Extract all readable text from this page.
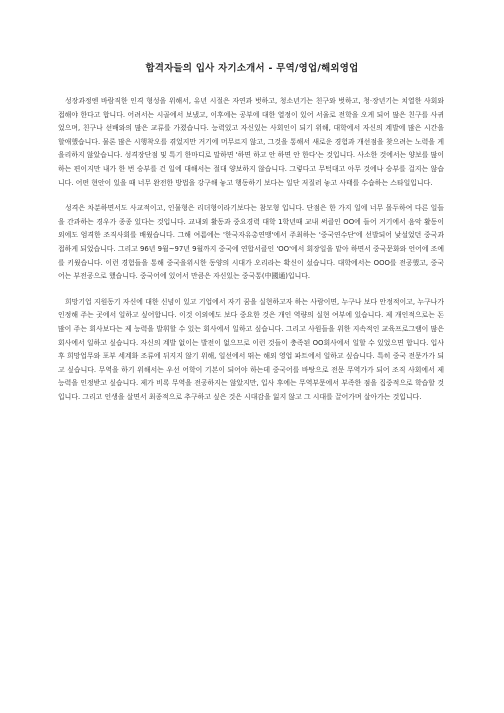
합격자들의 입사 자기소개서 - 무역/영업/해외영업

성장과정엔 바람직한 인격 형성을 위해서, 유년 시절은 자연과 벗하고, 청소년기는 친구와 벗하고, 청·장년기는 치열한 사회와 접해야 한다고 합니다. 어려서는 시골에서 보냈고, 이후에는 공부에 대한 열정이 있어 서울로 전학을 오게 되어 많은 친구를 사귀었으며, 친구나 선배와의 많은 교류를 가졌습니다. 능력있고 자신있는 사회인이 되기 위해, 대학에서 자신의 계발에 많은 시간을 할애했습니다. 물론 많은 시행착오를 겪었지만 거기에 머무르지 않고, 그것을 통해서 새로운 경험과 개선점을 찾으려는 노력을 게을리하지 않았습니다. 성격장단점 및 특기 한마디로 말하면 '하면 하고 안 하면 안 한다'는 것입니다. 사소한 것에서는 양보를 많이 하는 편이지만 내가 한 번 승부를 건 일에 대해서는 절대 양보하지 않습니다. 그렇다고 무턱대고 아무 것에나 승부를 걸지는 않습니다. 어떤 현안이 있을 때 너무 완전한 방법을 강구해 놓고 행동하기 보다는 일단 저질러 놓고 사태를 수습하는 스타일입니다.

성격은 차분하면서도 사교적이고, 인물형은 리더형이라기보다는 참모형 입니다. 단점은 한 가지 일에 너무 몰두하여 다른 일들을 간과하는 경우가 종종 있다는 것입니다. 교내외 활동과 중요경력 대학 1학년때 교내 써클인 OO에 들어 거기에서 음악 활동이외에도 엄격한 조직사회를 배웠습니다. 그해 여름에는 '한국자유총연맹'에서 주최하는 '중국연수단'에 선발되어 낯설었던 중국과 접하게 되었습니다. 그리고 96년 9월~97년 9월까지 중국에 연합서클인 'OO'에서 회장일을 맡아 하면서 중국문화와 언어에 조예를 키웠습니다. 이런 경험들을 통해 중국을위시한 동양의 시대가 오리라는 확신이 섰습니다. 대학에서는 OOO를 전공했고, 중국어는 부전공으로 했습니다. 중국어에 있어서 만큼은 자신있는 중국통(中國通)입니다.

희망기업 지원동기 자신에 대한 신념이 있고 기업에서 자기 꿈을 실현하고자 하는 사람이면, 누구나 보다 안정적이고, 누구나가 인정해 주는 곳에서 일하고 싶어합니다. 이것 이외에도 보다 중요한 것은 개인 역량의 실현 여부에 있습니다. 제 개인적으로는 돈 많이 주는 회사보다는 제 능력을 발휘할 수 있는 회사에서 일하고 싶습니다. 그리고 사원들을 위한 지속적인 교육프로그램이 많은 회사에서 일하고 싶습니다. 자신의 계발 없이는 발전이 없으므로 이런 것들이 충족된 OO회사에서 일할 수 있었으면 합니다. 입사후 희망업무와 포부 세계화 조류에 뒤지지 않기 위해, 일선에서 뛰는 해외 영업 파트에서 일하고 싶습니다. 특히 중국 전문가가 되고 싶습니다. 무역을 하기 위해서는 우선 어학이 기본이 되어야 하는데 중국어를 바탕으로 전문 무역가가 되어 조직 사회에서 제 능력을 인정받고 싶습니다. 제가 비록 무역을 전공하지는 않았지만, 입사 후에는 무역부문에서 부족한 점을 집중적으로 학습할 것입니다. 그리고 인생을 살면서 최종적으로 추구하고 싶은 것은 시대감을 잃지 않고 그 시대를 끌어가며 살아가는 것입니다.
